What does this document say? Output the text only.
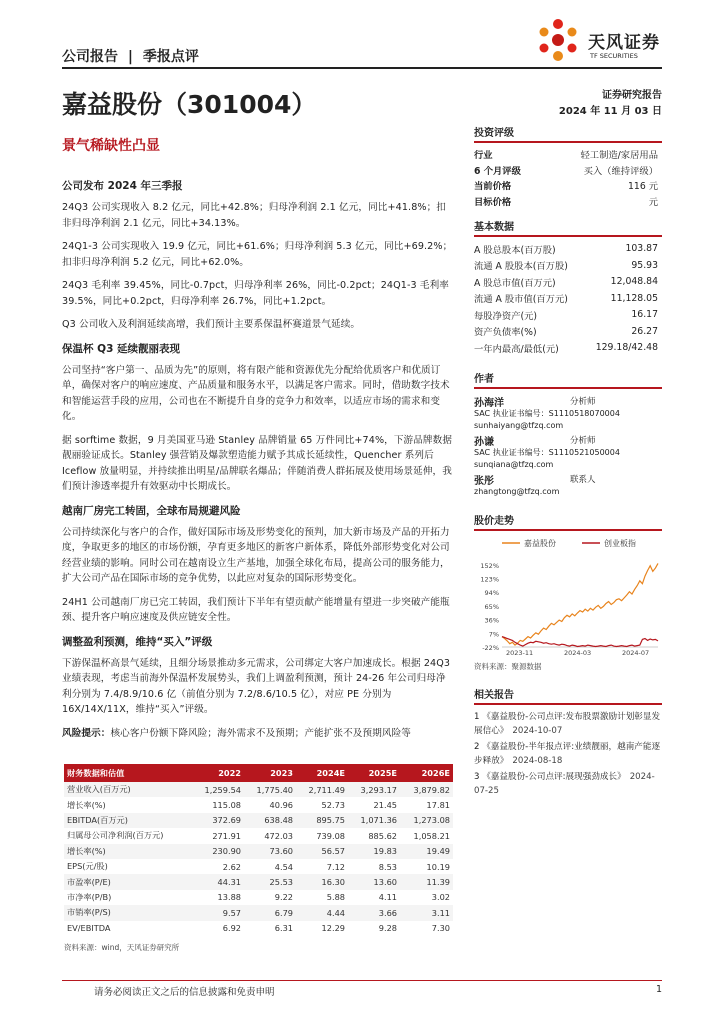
公司报告 | 季报点评
天风证券
TF SECURITIES
嘉益股份（301004）	证券研究报告
2024 年 11 月 03 日
景气稀缺性凸显
公司发布 2024 年三季报
24Q3 公司实现收入 8.2 亿元，同比+42.8%；归母净利润 2.1 亿元，同比+41.8%；扣非归母净利润 2.1 亿元，同比+34.13%。
24Q1-3 公司实现收入 19.9 亿元，同比+61.6%；归母净利润 5.3 亿元，同比+69.2%；扣非归母净利润 5.2 亿元，同比+62.0%。
24Q3 毛利率 39.45%，同比-0.7pct，归母净利率 26%，同比-0.2pct；24Q1-3 毛利率 39.5%，同比+0.2pct，归母净利率 26.7%，同比+1.2pct。
Q3 公司收入及利润延续高增，我们预计主要系保温杯赛道景气延续。
保温杯 Q3 延续靓丽表现
公司坚持“客户第一、品质为先”的原则，将有限产能和资源优先分配给优质客户和优质订单，确保对客户的响应速度、产品质量和服务水平，以满足客户需求。同时，借助数字技术和智能运营手段的应用，公司也在不断提升自身的竞争力和效率，以适应市场的需求和变化。
据 sorftime 数据，9 月美国亚马逊 Stanley 品牌销量 65 万件同比+74%，下游品牌数据靓丽验证成长。Stanley 强营销及爆款塑造能力赋予其成长延续性，Quencher 系列后 Iceflow 放量明显，并持续推出明星/品牌联名爆品；伴随消费人群拓展及使用场景延伸，我们预计渗透率提升有效驱动中长期成长。
越南厂房完工转固，全球布局规避风险
公司持续深化与客户的合作，做好国际市场及形势变化的预判，加大新市场及产品的开拓力度，争取更多的地区的市场份额，孕育更多地区的新客户新体系，降低外部形势变化对公司经营业绩的影响。同时公司在越南设立生产基地，加强全球化布局，提高公司的服务能力，扩大公司产品在国际市场的竞争优势，以此应对复杂的国际形势变化。
24H1 公司越南厂房已完工转固，我们预计下半年有望贡献产能增量有望进一步突破产能瓶颈、提升客户响应速度及供应链安全性。
调整盈利预测，维持“买入”评级
下游保温杯高景气延续，且细分场景推动多元需求，公司绑定大客户加速成长。根据 24Q3 业绩表现，考虑当前海外保温杯发展势头，我们上调盈利预测，预计 24-26 年公司归母净利分别为 7.4/8.9/10.6 亿（前值分别为 7.2/8.6/10.5 亿），对应 PE 分别为 16X/14X/11X，维持“买入”评级。
风险提示：核心客户份额下降风险；海外需求不及预期；产能扩张不及预期风险等
财务数据和估值	2022	2023	2024E	2025E	2026E
营业收入(百万元)	1,259.54	1,775.40	2,711.49	3,293.17	3,879.82
增长率(%)	115.08	40.96	52.73	21.45	17.81
EBITDA(百万元)	372.69	638.48	895.75	1,071.36	1,273.08
归属母公司净利润(百万元)	271.91	472.03	739.08	885.62	1,058.21
增长率(%)	230.90	73.60	56.57	19.83	19.49
EPS(元/股)	2.62	4.54	7.12	8.53	10.19
市盈率(P/E)	44.31	25.53	16.30	13.60	11.39
市净率(P/B)	13.88	9.22	5.88	4.11	3.02
市销率(P/S)	9.57	6.79	4.44	3.66	3.11
EV/EBITDA	6.92	6.31	12.29	9.28	7.30
资料来源：wind，天风证券研究所
投资评级
行业	轻工制造/家居用品
6 个月评级	买入（维持评级）
当前价格	116 元
目标价格	元
基本数据
A 股总股本(百万股)	103.87
流通 A 股股本(百万股)	95.93
A 股总市值(百万元)	12,048.84
流通 A 股市值(百万元)	11,128.05
每股净资产(元)	16.17
资产负债率(%)	26.27
一年内最高/最低(元)	129.18/42.48
作者
孙海洋	分析师
SAC 执业证书编号：S1110518070004
sunhaiyang@tfzq.com
孙谦	分析师
SAC 执业证书编号：S1110521050004
sunqiana@tfzq.com
张彤	联系人
zhangtong@tfzq.com
股价走势
嘉益股份	创业板指
152%
123%
94%
65%
36%
7%
-22%
2023-11	2024-03	2024-07
资料来源：聚源数据
相关报告
1 《嘉益股份-公司点评:发布股票激励计划彰显发展信心》 2024-10-07
2 《嘉益股份-半年报点评:业绩靓丽，越南产能逐步释放》 2024-08-18
3 《嘉益股份-公司点评:展现强劲成长》 2024-07-25
请务必阅读正文之后的信息披露和免责申明	1
